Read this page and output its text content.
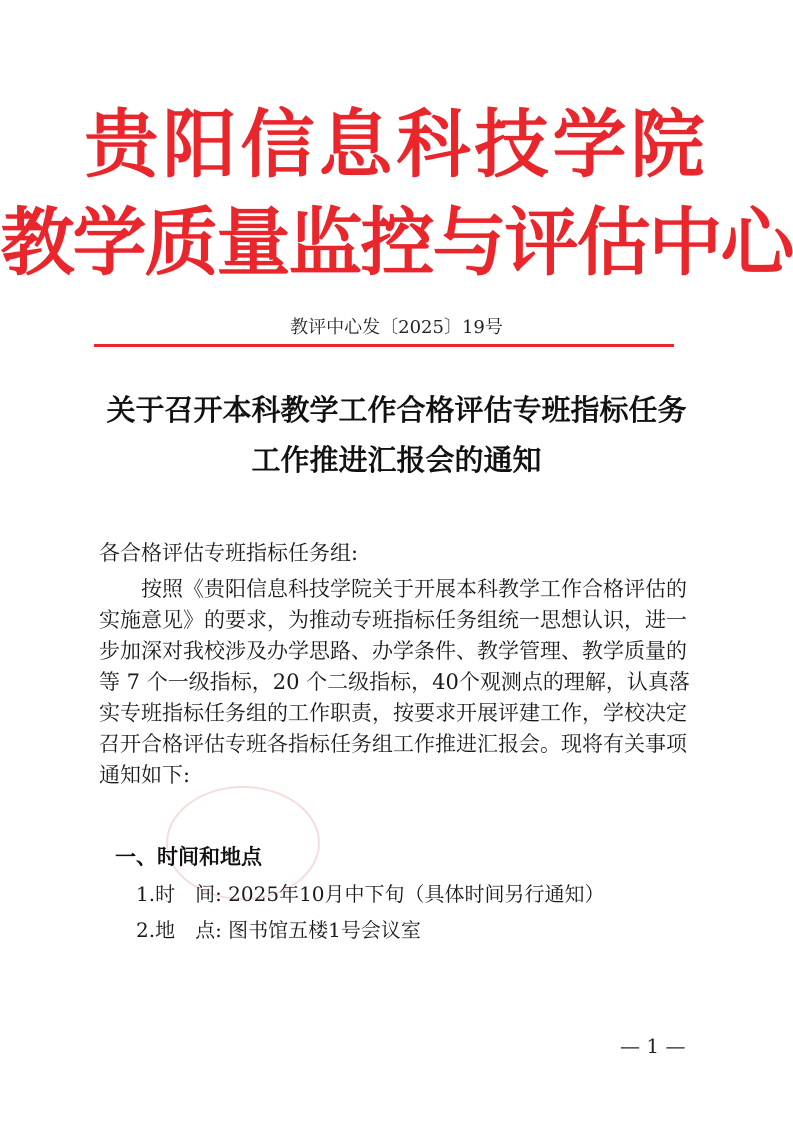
贵阳信息科技学院
教学质量监控与评估中心
教评中心发〔2025〕19号
关于召开本科教学工作合格评估专班指标任务
工作推进汇报会的通知
各合格评估专班指标任务组:
按照《贵阳信息科技学院关于开展本科教学工作合格评估的
实施意见》的要求，为推动专班指标任务组统一思想认识，进一
步加深对我校涉及办学思路、办学条件、教学管理、教学质量的
等 7 个一级指标，20 个二级指标，40个观测点的理解，认真落
实专班指标任务组的工作职责，按要求开展评建工作，学校决定
召开合格评估专班各指标任务组工作推进汇报会。现将有关事项
通知如下:
一、时间和地点
1.时　间: 2025年10月中下旬（具体时间另行通知）
2.地　点: 图书馆五楼1号会议室
— 1 —
